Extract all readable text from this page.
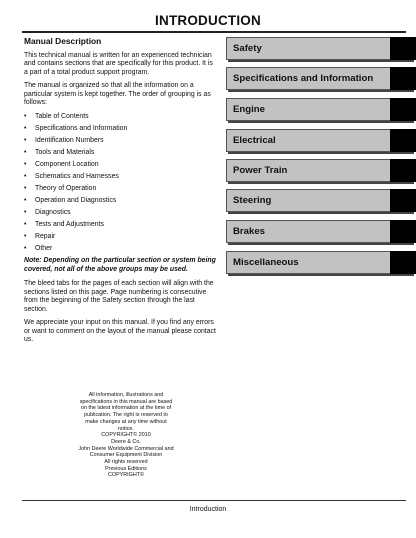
INTRODUCTION
Manual Description

This technical manual is written for an experienced technician and contains sections that are specifically for this product. It is a part of a total product support program.

The manual is organized so that all the information on a particular system is kept together. The order of grouping is as follows:

• Table of Contents
• Specifications and Information
• Identification Numbers
• Tools and Materials
• Component Location
• Schematics and Harnesses
• Theory of Operation
• Operation and Diagnostics
• Diagnostics
• Tests and Adjustments
• Repair
• Other

Note: Depending on the particular section or system being covered, not all of the above groups may be used.

The bleed tabs for the pages of each section will align with the sections listed on this page. Page numbering is consecutive from the beginning of the Safety section through the last section.

We appreciate your input on this manual. If you find any errors or want to comment on the layout of the manual please contact us.

All information, illustrations and
specifications in this manual are based
on the latest information at the time of
publication. The right is reserved to
make changes at any time without
notice.
COPYRIGHT© 2010
Deere & Co.
John Deere Worldwide Commercial and
Consumer Equipment Division
All rights reserved
Previous Editions
COPYRIGHT©
Safety
Specifications and Information
Engine
Electrical
Power Train
Steering
Brakes
Miscellaneous
Introduction
